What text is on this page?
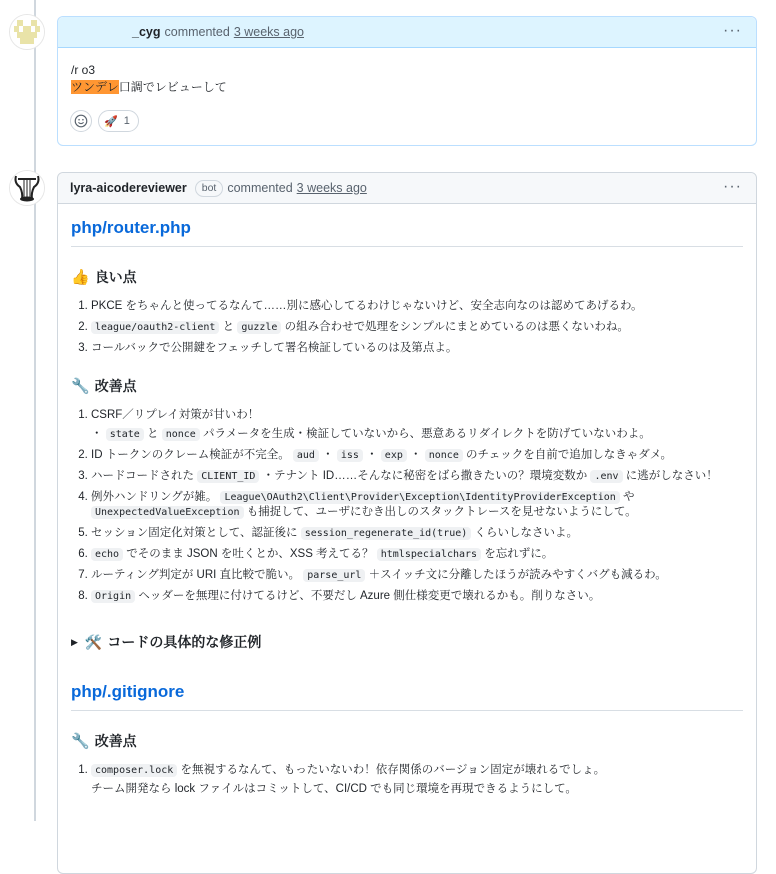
_cyg commented 3 weeks ago	···
/r o3
ツンデレ口調でレビューして
🚀 1
lyra-aicodereviewer	bot commented 3 weeks ago	···
php/router.php
👍 良い点
1. PKCE をちゃんと使ってるなんて……別に感心してるわけじゃないけど、安全志向なのは認めてあげるわ。
2. league/oauth2-client と guzzle の組み合わせで処理をシンプルにまとめているのは悪くないわね。
3. コールバックで公開鍵をフェッチして署名検証しているのは及第点よ。
🔧 改善点
1. CSRF／リプレイ対策が甘いわ！
・ state と nonce パラメータを生成・検証していないから、悪意あるリダイレクトを防げていないわよ。
2. ID トークンのクレーム検証が不完全。 aud ・ iss ・ exp ・ nonce のチェックを自前で追加しなきゃダメ。
3. ハードコードされた CLIENT_ID ・テナント ID……そんなに秘密をばら撒きたいの？環境変数か .env に逃がしなさい！
4. 例外ハンドリングが雑。 League\OAuth2\Client\Provider\Exception\IdentityProviderException や UnexpectedValueException も捕捉して、ユーザにむき出しのスタックトレースを見せないようにして。
5. セッション固定化対策として、認証後に session_regenerate_id(true) くらいしなさいよ。
6. echo でそのまま JSON を吐くとか、XSS 考えてる？ htmlspecialchars を忘れずに。
7. ルーティング判定が URI 直比較で脆い。 parse_url ＋スイッチ文に分離したほうが読みやすくバグも減るわ。
8. Origin ヘッダーを無理に付けてるけど、不要だし Azure 側仕様変更で壊れるかも。削りなさい。
▶ 🛠️ コードの具体的な修正例
php/.gitignore
🔧 改善点
1. composer.lock を無視するなんて、もったいないわ！依存関係のバージョン固定が壊れるでしょ。
チーム開発なら lock ファイルはコミットして、CI/CD でも同じ環境を再現できるようにして。
